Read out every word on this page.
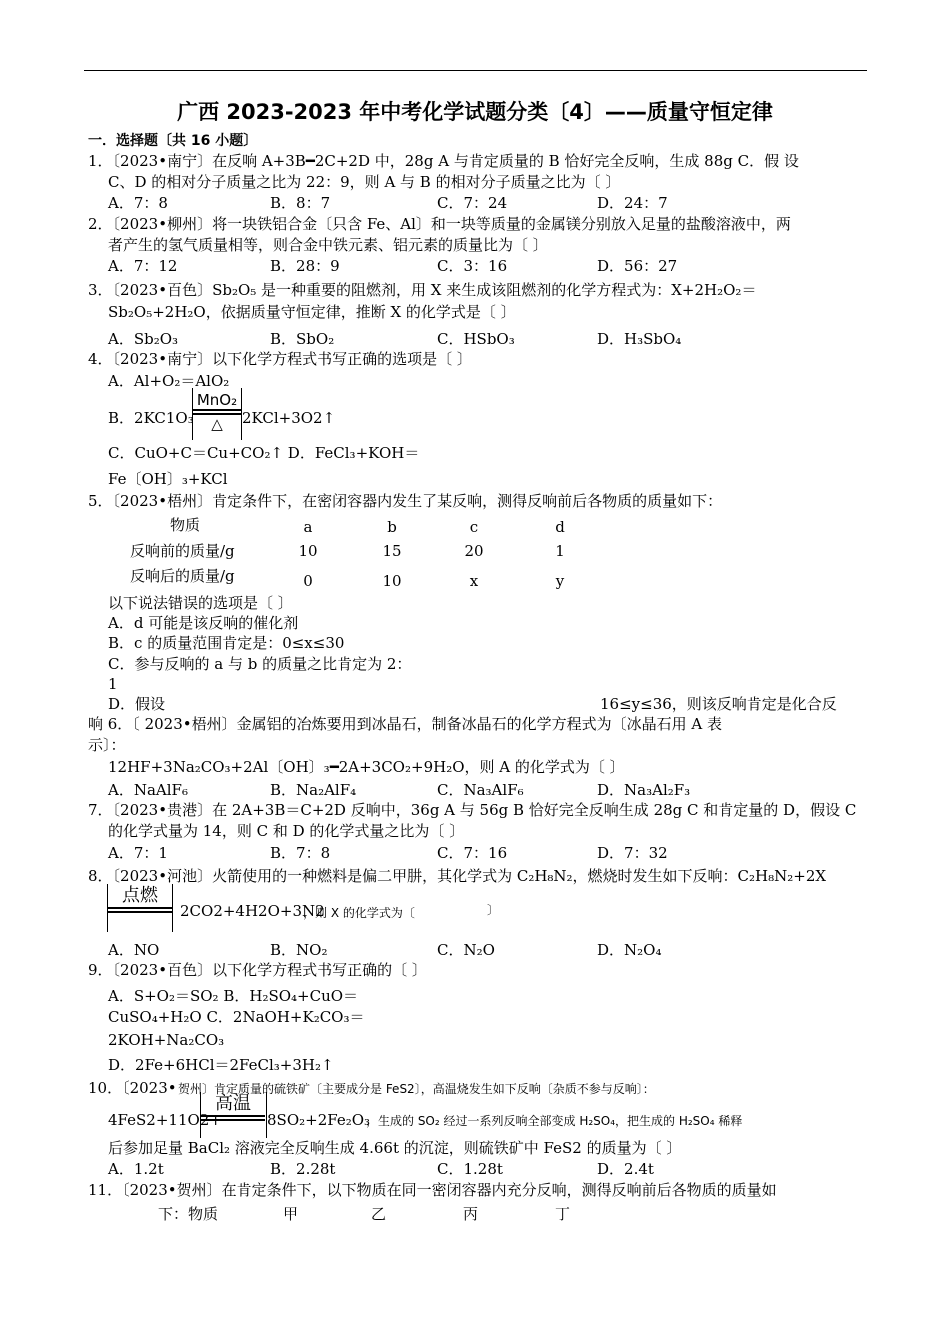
广西 2023-2023 年中考化学试题分类〔4〕——质量守恒定律
一．选择题〔共 16 小题〕
1．〔2023•南宁〕在反响 A+3B━2C+2D 中，28g A 与肯定质量的 B 恰好完全反响，生成 88g C．假 设
C、D 的相对分子质量之比为 22：9，则 A 与 B 的相对分子质量之比为〔 〕
A．7：8	B．8：7	C．7：24	D．24：7
2．〔2023•柳州〕将一块铁铝合金〔只含 Fe、Al〕和一块等质量的金属镁分别放入足量的盐酸溶液中，两
者产生的氢气质量相等，则合金中铁元素、铝元素的质量比为〔 〕
A．7：12	B．28：9	C．3：16	D．56：27
3．〔2023•百色〕Sb₂O₅ 是一种重要的阻燃剂，用 X 来生成该阻燃剂的化学方程式为：X+2H₂O₂＝
Sb₂O₅+2H₂O，依据质量守恒定律，推断 X 的化学式是〔 〕
A．Sb₂O₃	B．SbO₂	C．HSbO₃	D．H₃SbO₄
4．〔2023•南宁〕以下化学方程式书写正确的选项是〔 〕
A．Al+O₂＝AlO₂
B．2KC1O₃
MnO₂
△	2KCl+3O2↑
C．CuO+C＝Cu+CO₂↑ D．FeCl₃+KOH＝
Fe〔OH〕₃+KCl
5．〔2023•梧州〕肯定条件下，在密闭容器内发生了某反响，测得反响前后各物质的质量如下：
物质	a	b	c	d
反响前的质量/g	10	15	20	1
反响后的质量/g	0	10	x	y
以下说法错误的选项是〔 〕
A．d 可能是该反响的催化剂
B．c 的质量范围肯定是：0≤x≤30
C．参与反响的 a 与 b 的质量之比肯定为 2：
1
D．假设	16≤y≤36，则该反响肯定是化合反
响 6．〔 2023•梧州〕金属铝的冶炼要用到冰晶石，制备冰晶石的化学方程式为〔冰晶石用 A 表
示〕：
12HF+3Na₂CO₃+2Al〔OH〕₃━2A+3CO₂+9H₂O，则 A 的化学式为〔 〕
A．NaAlF₆	B．Na₂AlF₄	C．Na₃AlF₆	D．Na₃Al₂F₃
7．〔2023•贵港〕在 2A+3B＝C+2D 反响中，36g A 与 56g B 恰好完全反响生成 28g C 和肯定量的 D，假设 C
的化学式量为 14，则 C 和 D 的化学式量之比为〔 〕
A．7：1	B．7：8	C．7：16	D．7：32
8．〔2023•河池〕火箭使用的一种燃料是偏二甲肼，其化学式为 C₂H₈N₂，燃烧时发生如下反响：C₂H₈N₂+2X
点燃
2CO2+4H2O+3N2
，则 X 的化学式为〔	〕
A．NO	B．NO₂	C．N₂O	D．N₂O₄
9．〔2023•百色〕以下化学方程式书写正确的〔 〕
A．S+O₂＝SO₂ B．H₂SO₄+CuO＝
CuSO₄+H₂O C．2NaOH+K₂CO₃＝
2KOH+Na₂CO₃
D．2Fe+6HCl＝2FeCl₃+3H₂↑
10．〔2023• 贺州〕肯定质量的硫铁矿〔主要成分是 FeS2〕，高温烧发生如下反响〔杂质不参与反响〕：
4FeS2+11O2+
高温
8SO₂+2Fe₂O₃
，生成的 SO₂ 经过一系列反响全部变成 H₂SO₄，把生成的 H₂SO₄ 稀释
后参加足量 BaCl₂ 溶液完全反响生成 4.66t 的沉淀，则硫铁矿中 FeS2 的质量为〔 〕
A．1.2t	B．2.28t	C．1.28t	D．2.4t
11．〔2023•贺州〕在肯定条件下，以下物质在同一密闭容器内充分反响，测得反响前后各物质的质量如
下：物质	甲	乙	丙	丁
